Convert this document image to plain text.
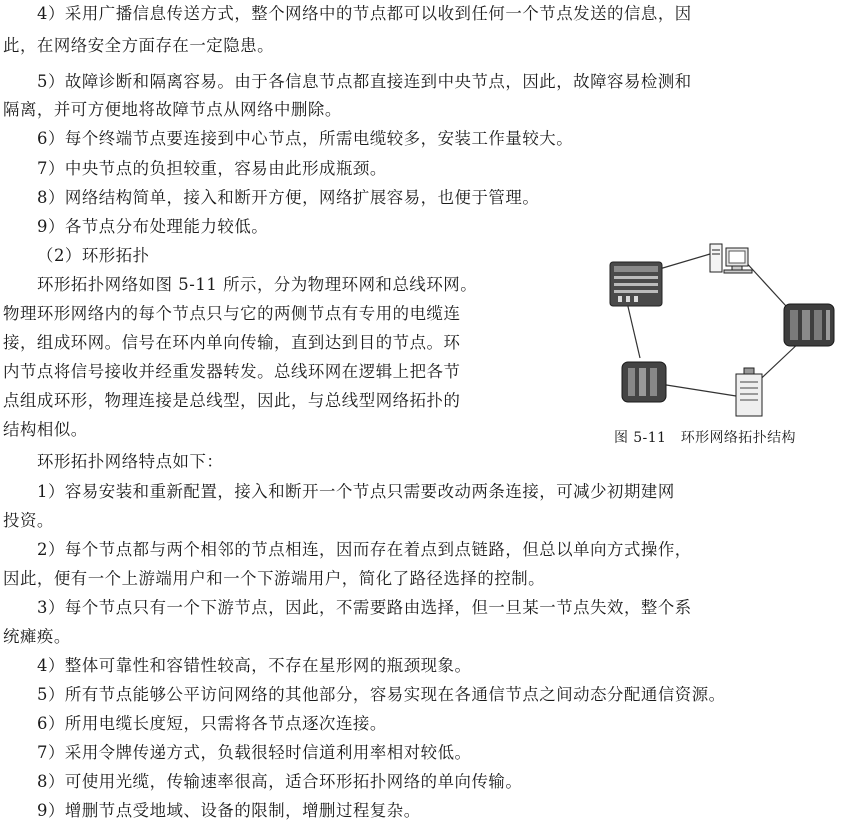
4）采用广播信息传送方式，整个网络中的节点都可以收到任何一个节点发送的信息，因
此，在网络安全方面存在一定隐患。
5）故障诊断和隔离容易。由于各信息节点都直接连到中央节点，因此，故障容易检测和
隔离，并可方便地将故障节点从网络中删除。
6）每个终端节点要连接到中心节点，所需电缆较多，安装工作量较大。
7）中央节点的负担较重，容易由此形成瓶颈。
8）网络结构简单，接入和断开方便，网络扩展容易，也便于管理。
9）各节点分布处理能力较低。
（2）环形拓扑
环形拓扑网络如图 5-11 所示，分为物理环网和总线环网。
物理环形网络内的每个节点只与它的两侧节点有专用的电缆连
接，组成环网。信号在环内单向传输，直到达到目的节点。环
内节点将信号接收并经重发器转发。总线环网在逻辑上把各节
点组成环形，物理连接是总线型，因此，与总线型网络拓扑的
结构相似。	图 5-11　环形网络拓扑结构
环形拓扑网络特点如下：
1）容易安装和重新配置，接入和断开一个节点只需要改动两条连接，可减少初期建网
投资。
2）每个节点都与两个相邻的节点相连，因而存在着点到点链路，但总以单向方式操作，
因此，便有一个上游端用户和一个下游端用户，简化了路径选择的控制。
3）每个节点只有一个下游节点，因此，不需要路由选择，但一旦某一节点失效，整个系
统瘫痪。
4）整体可靠性和容错性较高，不存在星形网的瓶颈现象。
5）所有节点能够公平访问网络的其他部分，容易实现在各通信节点之间动态分配通信资源。
6）所用电缆长度短，只需将各节点逐次连接。
7）采用令牌传递方式，负载很轻时信道利用率相对较低。
8）可使用光缆，传输速率很高，适合环形拓扑网络的单向传输。
9）增删节点受地域、设备的限制，增删过程复杂。
